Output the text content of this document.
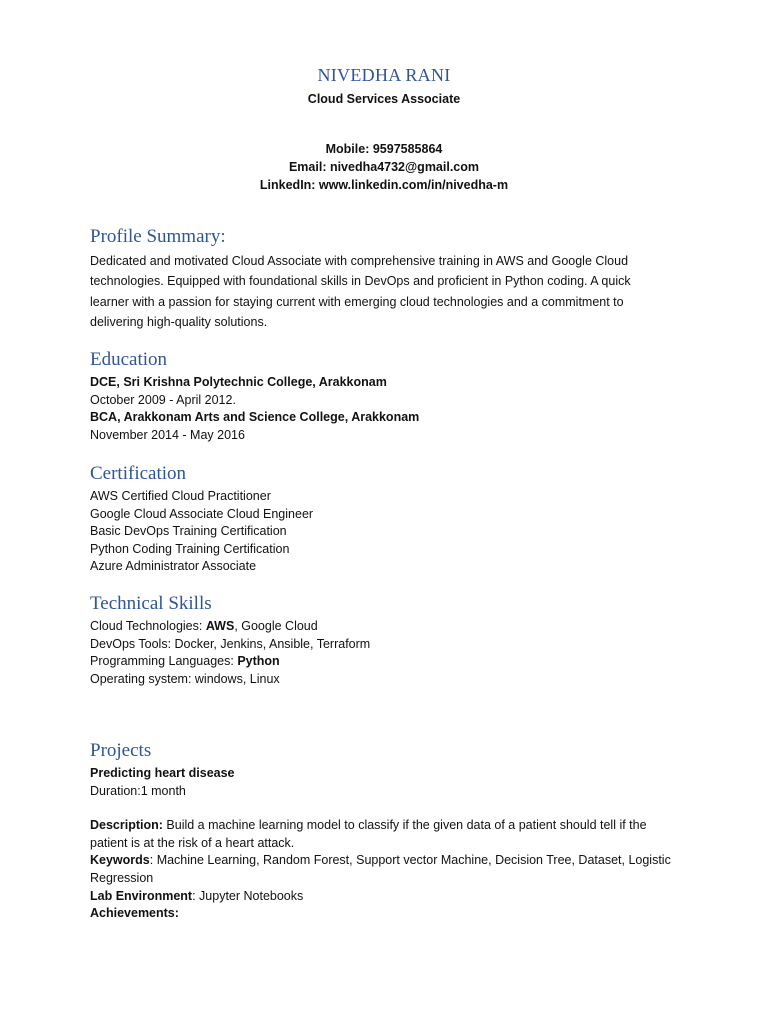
NIVEDHA RANI
Cloud Services Associate
Mobile: 9597585864
Email: nivedha4732@gmail.com
LinkedIn: www.linkedin.com/in/nivedha-m
Profile Summary:
Dedicated and motivated Cloud Associate with comprehensive training in AWS and Google Cloud technologies. Equipped with foundational skills in DevOps and proficient in Python coding. A quick learner with a passion for staying current with emerging cloud technologies and a commitment to delivering high-quality solutions.
Education
DCE, Sri Krishna Polytechnic College, Arakkonam
October 2009 - April 2012.
BCA, Arakkonam Arts and Science College, Arakkonam
November 2014 - May 2016
Certification
AWS Certified Cloud Practitioner
Google Cloud Associate Cloud Engineer
Basic DevOps Training Certification
Python Coding Training Certification
Azure Administrator Associate
Technical Skills
Cloud Technologies: AWS, Google Cloud
DevOps Tools: Docker, Jenkins, Ansible, Terraform
Programming Languages: Python
Operating system: windows, Linux
Projects
Predicting heart disease
Duration:1 month
Description: Build a machine learning model to classify if the given data of a patient should tell if the patient is at the risk of a heart attack.
Keywords: Machine Learning, Random Forest, Support vector Machine, Decision Tree, Dataset, Logistic Regression
Lab Environment: Jupyter Notebooks
Achievements:
